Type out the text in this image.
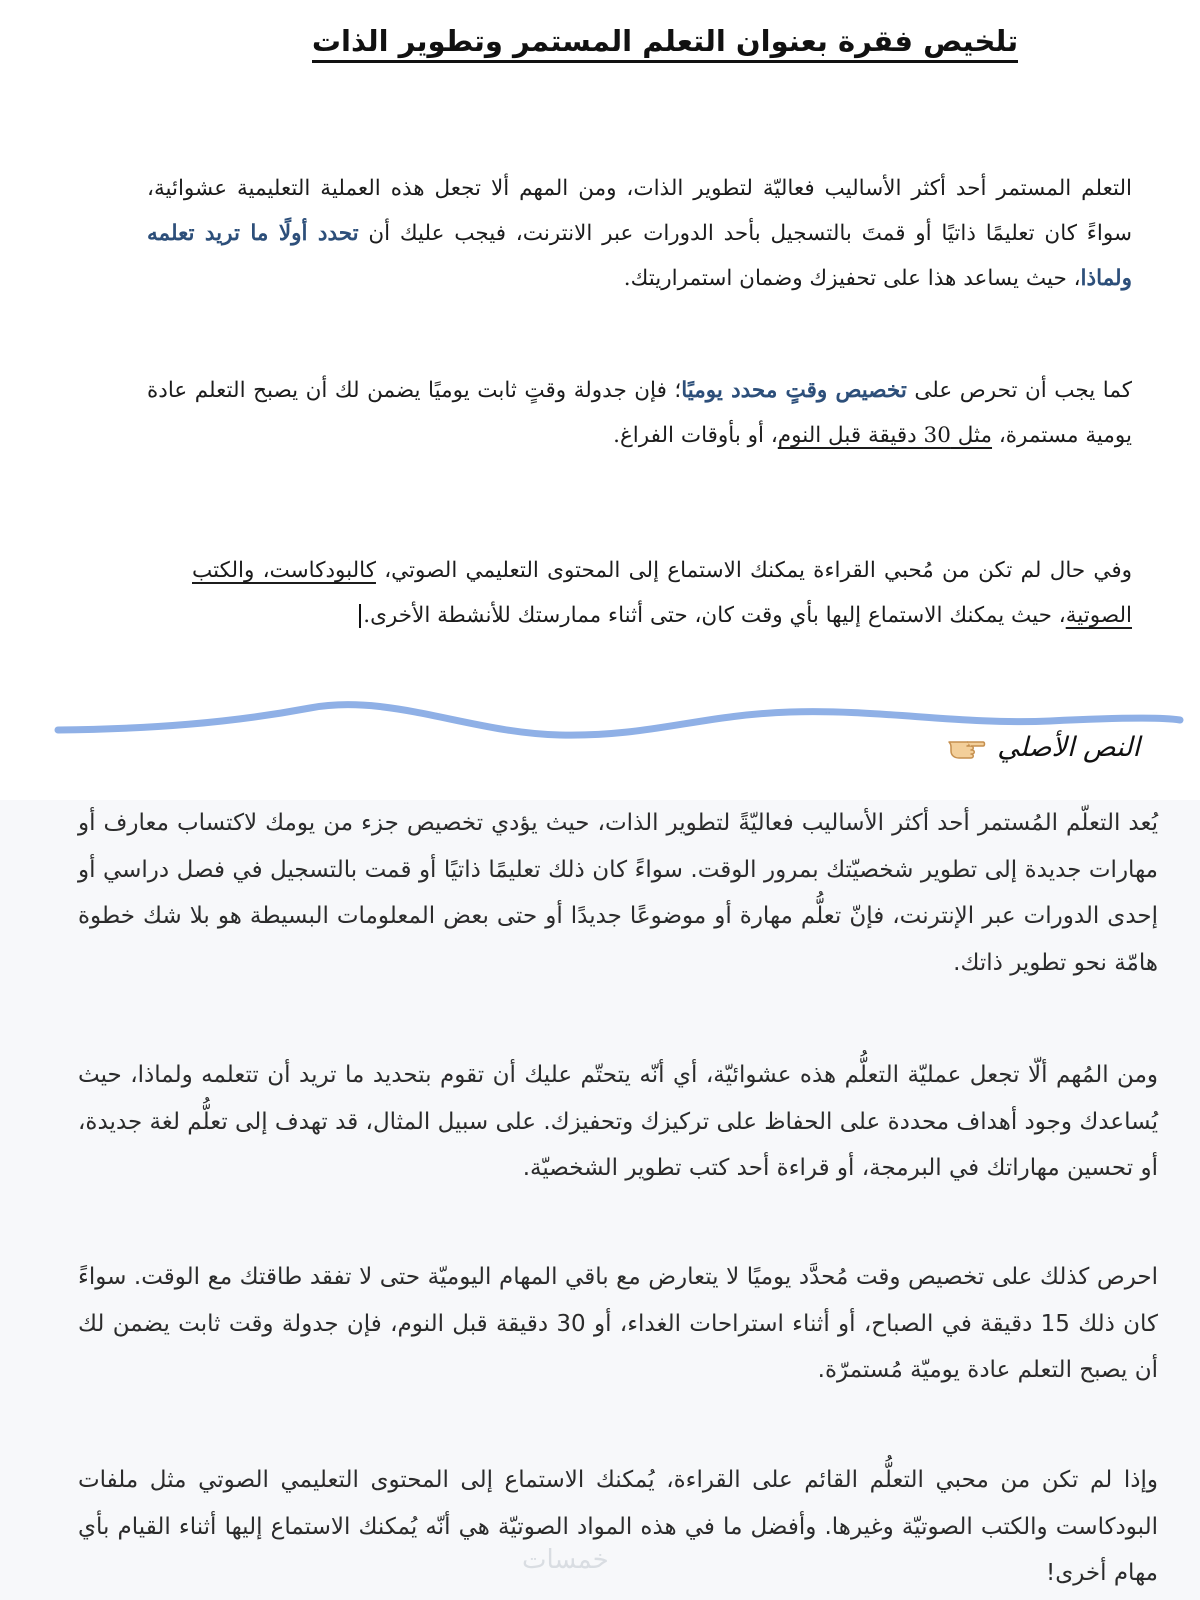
تلخيص فقرة بعنوان التعلم المستمر وتطوير الذات
التعلم المستمر أحد أكثر الأساليب فعاليّة لتطوير الذات، ومن المهم ألا تجعل هذه العملية التعليمية عشوائية، سواءً كان تعليمًا ذاتيًا أو قمتَ بالتسجيل بأحد الدورات عبر الانترنت، فيجب عليك أن تحدد أولًا ما تريد تعلمه ولماذا، حيث يساعد هذا على تحفيزك وضمان استمراريتك.
كما يجب أن تحرص على تخصيص وقتٍ محدد يوميًا؛ فإن جدولة وقتٍ ثابت يوميًا يضمن لك أن يصبح التعلم عادة يومية مستمرة، مثل 30 دقيقة قبل النوم، أو بأوقات الفراغ.
وفي حال لم تكن من مُحبي القراءة يمكنك الاستماع إلى المحتوى التعليمي الصوتي، كالبودكاست، والكتب الصوتية، حيث يمكنك الاستماع إليها بأي وقت كان، حتى أثناء ممارستك للأنشطة الأخرى.
النص الأصلي
يُعد التعلّم المُستمر أحد أكثر الأساليب فعاليّةً لتطوير الذات، حيث يؤدي تخصيص جزء من يومك لاكتساب معارف أو مهارات جديدة إلى تطوير شخصيّتك بمرور الوقت. سواءً كان ذلك تعليمًا ذاتيًا أو قمت بالتسجيل في فصل دراسي أو إحدى الدورات عبر الإنترنت، فإنّ تعلُّم مهارة أو موضوعًا جديدًا أو حتى بعض المعلومات البسيطة هو بلا شك خطوة هامّة نحو تطوير ذاتك.
ومن المُهم ألّا تجعل عمليّة التعلُّم هذه عشوائيّة، أي أنّه يتحتّم عليك أن تقوم بتحديد ما تريد أن تتعلمه ولماذا، حيث يُساعدك وجود أهداف محددة على الحفاظ على تركيزك وتحفيزك. على سبيل المثال، قد تهدف إلى تعلُّم لغة جديدة، أو تحسين مهاراتك في البرمجة، أو قراءة أحد كتب تطوير الشخصيّة.
احرص كذلك على تخصيص وقت مُحدَّد يوميًا لا يتعارض مع باقي المهام اليوميّة حتى لا تفقد طاقتك مع الوقت. سواءً كان ذلك 15 دقيقة في الصباح، أو أثناء استراحات الغداء، أو 30 دقيقة قبل النوم، فإن جدولة وقت ثابت يضمن لك أن يصبح التعلم عادة يوميّة مُستمرّة.
وإذا لم تكن من محبي التعلُّم القائم على القراءة، يُمكنك الاستماع إلى المحتوى التعليمي الصوتي مثل ملفات البودكاست والكتب الصوتيّة وغيرها. وأفضل ما في هذه المواد الصوتيّة هي أنّه يُمكنك الاستماع إليها أثناء القيام بأي مهام أخرى!
خمسات
